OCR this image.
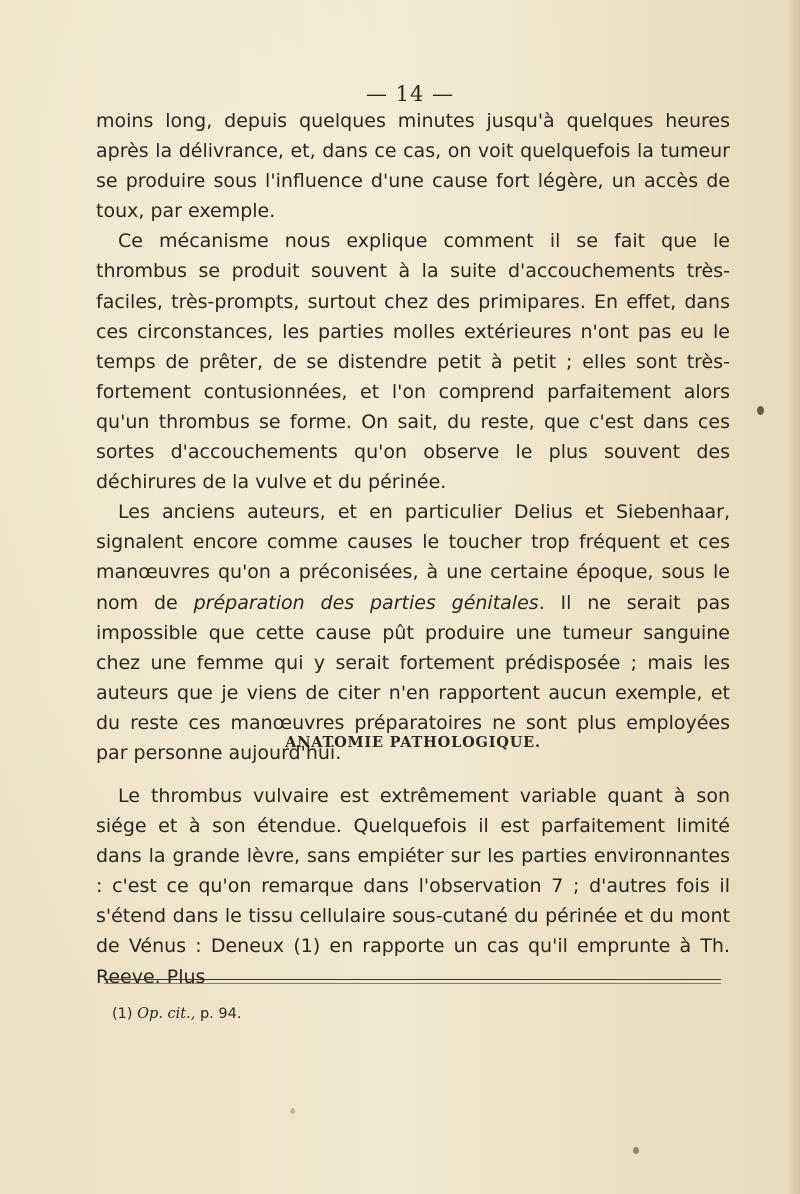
— 14 —

moins long, depuis quelques minutes jusqu'à quelques heures après la délivrance, et, dans ce cas, on voit quelquefois la tumeur se produire sous l'influence d'une cause fort légère, un accès de toux, par exemple.

Ce mécanisme nous explique comment il se fait que le thrombus se produit souvent à la suite d'accouchements très-faciles, très-prompts, surtout chez des primipares. En effet, dans ces circonstances, les parties molles extérieures n'ont pas eu le temps de prêter, de se distendre petit à petit ; elles sont très-fortement contusionnées, et l'on comprend parfaitement alors qu'un thrombus se forme. On sait, du reste, que c'est dans ces sortes d'accouchements qu'on observe le plus souvent des déchirures de la vulve et du périnée.

Les anciens auteurs, et en particulier Delius et Siebenhaar, signalent encore comme causes le toucher trop fréquent et ces manœuvres qu'on a préconisées, à une certaine époque, sous le nom de préparation des parties génitales. Il ne serait pas impossible que cette cause pût produire une tumeur sanguine chez une femme qui y serait fortement prédisposée ; mais les auteurs que je viens de citer n'en rapportent aucun exemple, et du reste ces manœuvres préparatoires ne sont plus employées par personne aujourd'hui.

ANATOMIE PATHOLOGIQUE.

Le thrombus vulvaire est extrêmement variable quant à son siége et à son étendue. Quelquefois il est parfaitement limité dans la grande lèvre, sans empiéter sur les parties environnantes : c'est ce qu'on remarque dans l'observation 7 ; d'autres fois il s'étend dans le tissu cellulaire sous-cutané du périnée et du mont de Vénus : Deneux (1) en rapporte un cas qu'il emprunte à Th. Reeve. Plus

(1) Op. cit., p. 94.
